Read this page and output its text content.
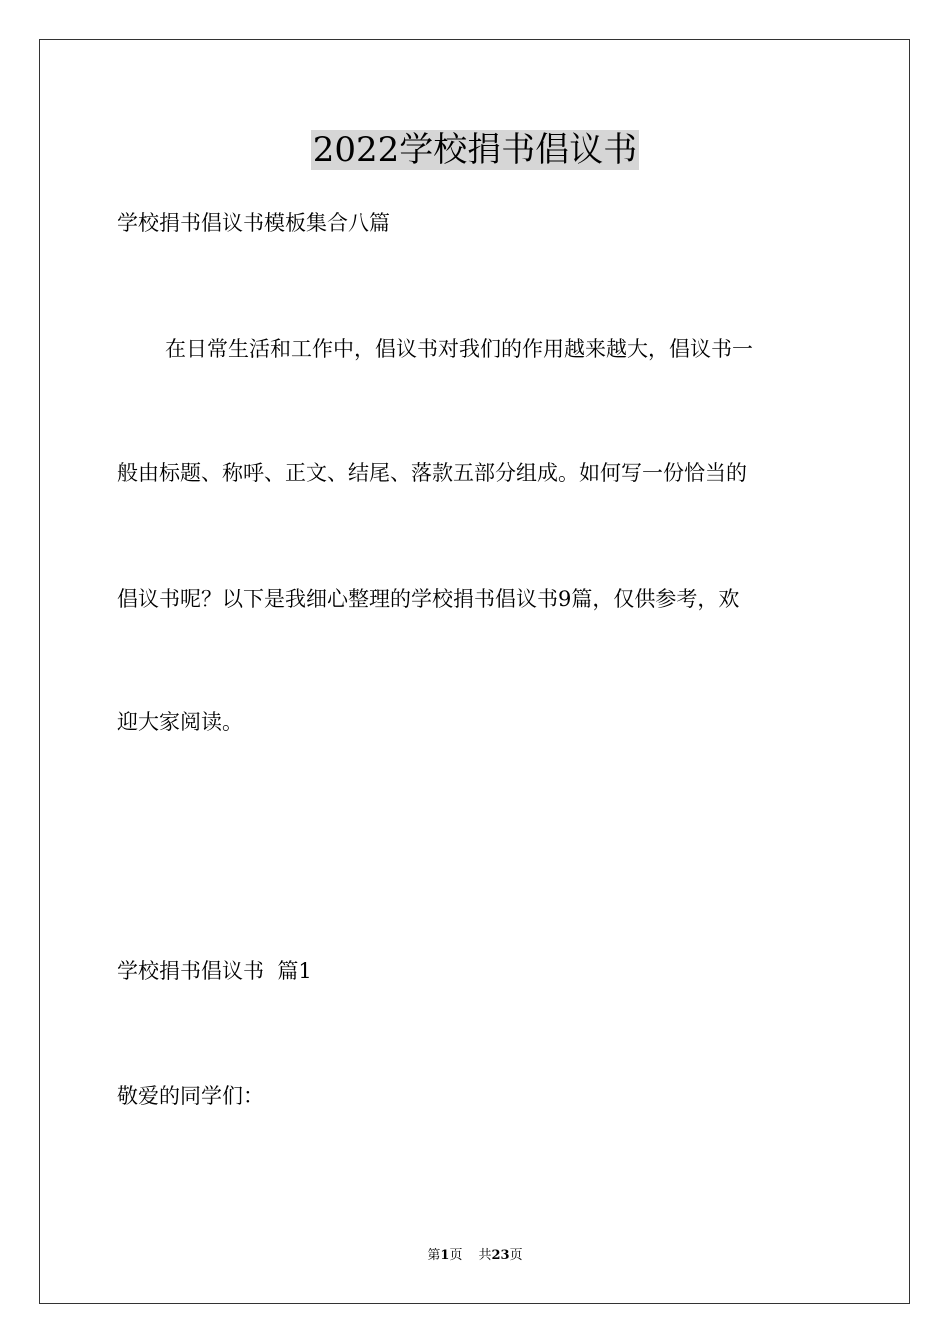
2022学校捐书倡议书
学校捐书倡议书模板集合八篇
在日常生活和工作中，倡议书对我们的作用越来越大，倡议书一
般由标题、称呼、正文、结尾、落款五部分组成。如何写一份恰当的
倡议书呢？以下是我细心整理的学校捐书倡议书9篇，仅供参考，欢
迎大家阅读。
学校捐书倡议书  篇1
敬爱的同学们：
第1页 共23页
